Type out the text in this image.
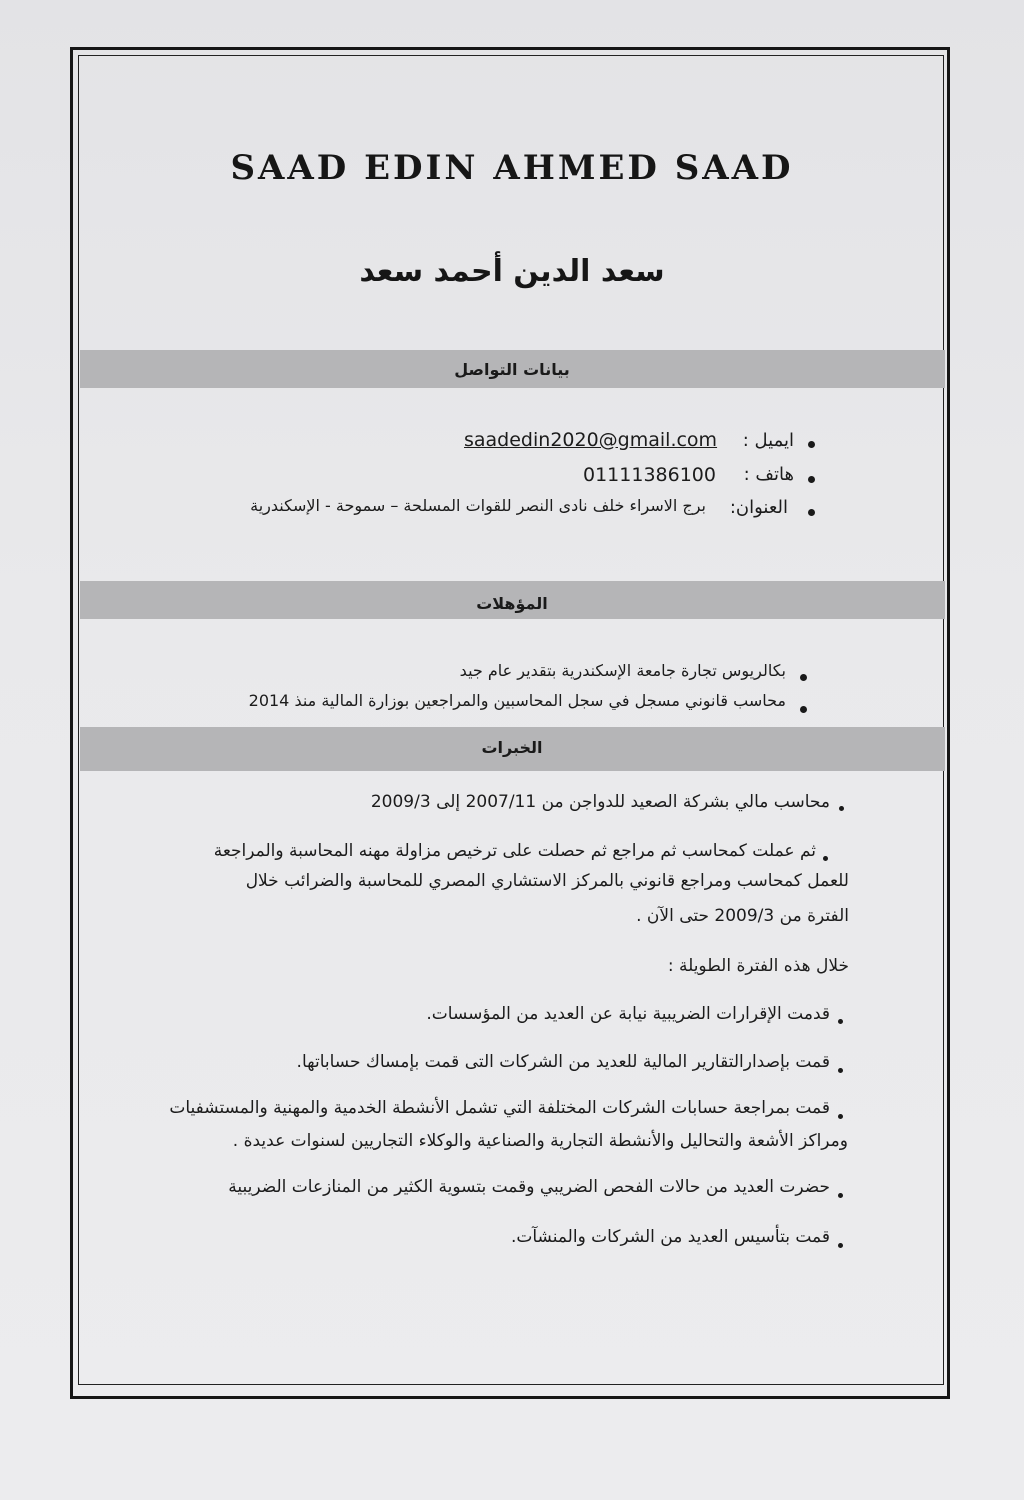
SAAD EDIN AHMED SAAD
سعد الدين أحمد سعد
بيانات التواصل
ايميل :
saadedin2020@gmail.com
هاتف :
01111386100
العنوان:
برج الاسراء خلف نادى النصر للقوات المسلحة – سموحة - الإسكندرية
المؤهلات
بكالريوس تجارة جامعة الإسكندرية بتقدير عام جيد
محاسب قانوني مسجل في سجل المحاسبين والمراجعين بوزارة المالية منذ 2014
الخبرات
محاسب مالي بشركة الصعيد للدواجن من 2007/11 إلى 2009/3
ثم عملت كمحاسب ثم مراجع ثم حصلت على ترخيص مزاولة مهنه المحاسبة والمراجعة
للعمل كمحاسب ومراجع قانوني بالمركز الاستشاري المصري للمحاسبة والضرائب خلال
الفترة من 2009/3 حتى الآن .
خلال هذه الفترة الطويلة :
قدمت الإقرارات الضريبية نيابة عن العديد من المؤسسات.
قمت بإصدارالتقارير المالية للعديد من الشركات التى قمت بإمساك حساباتها.
قمت بمراجعة حسابات الشركات المختلفة التي تشمل الأنشطة الخدمية والمهنية والمستشفيات
ومراكز الأشعة والتحاليل والأنشطة التجارية والصناعية والوكلاء التجاريين لسنوات عديدة .
حضرت العديد من حالات الفحص الضريبي وقمت بتسوية الكثير من المنازعات الضريبية
قمت بتأسيس العديد من الشركات والمنشآت.
